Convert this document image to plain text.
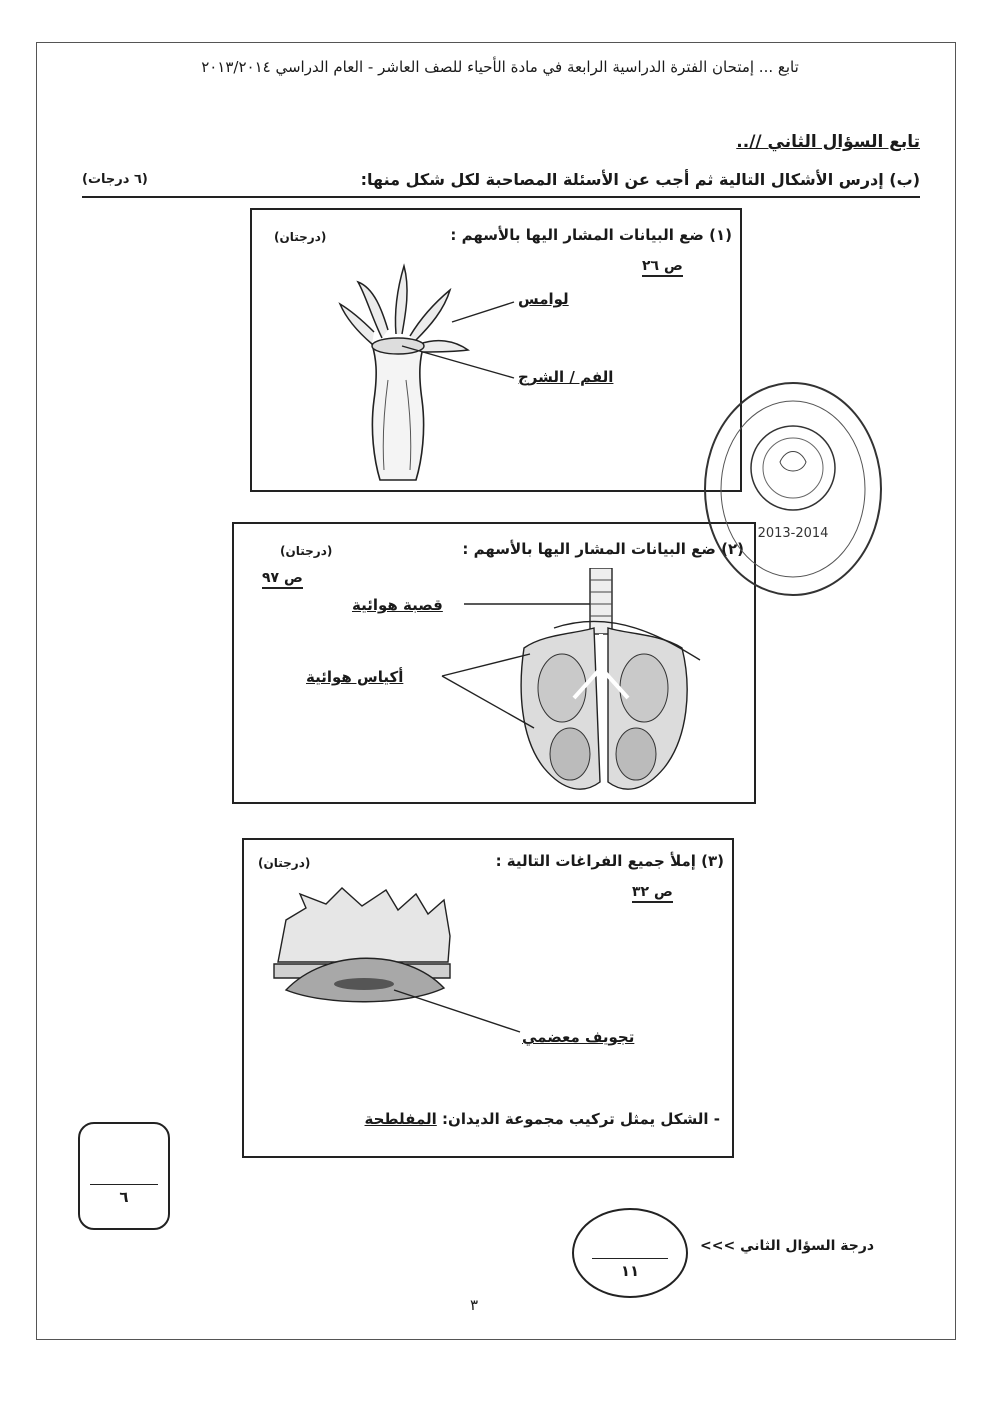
تابع ... إمتحان الفترة الدراسية الرابعة في مادة الأحياء للصف العاشر - العام الدراسي ٢٠١٣/٢٠١٤
تابع السؤال الثاني //..
(ب) إدرس الأشكال التالية ثم أجب عن الأسئلة المصاحبة لكل شكل منها:
(٦ درجات)
(١) ضع البيانات المشار اليها بالأسهم :
(درجتان)
ص ٢٦
لوامس
الفم / الشرج
(٢) ضع البيانات المشار اليها بالأسهم :
(درجتان)
ص ٩٧
قصبة هوائية
أكياس هوائية
2013-2014
(٣) إملأ جميع الفراغات التالية :
(درجتان)
ص ٣٢
تجويف معضمي
- الشكل يمثل تركيب مجموعة الديدان: المفلطحة
٦
١١
درجة السؤال الثاني >>>
٣
